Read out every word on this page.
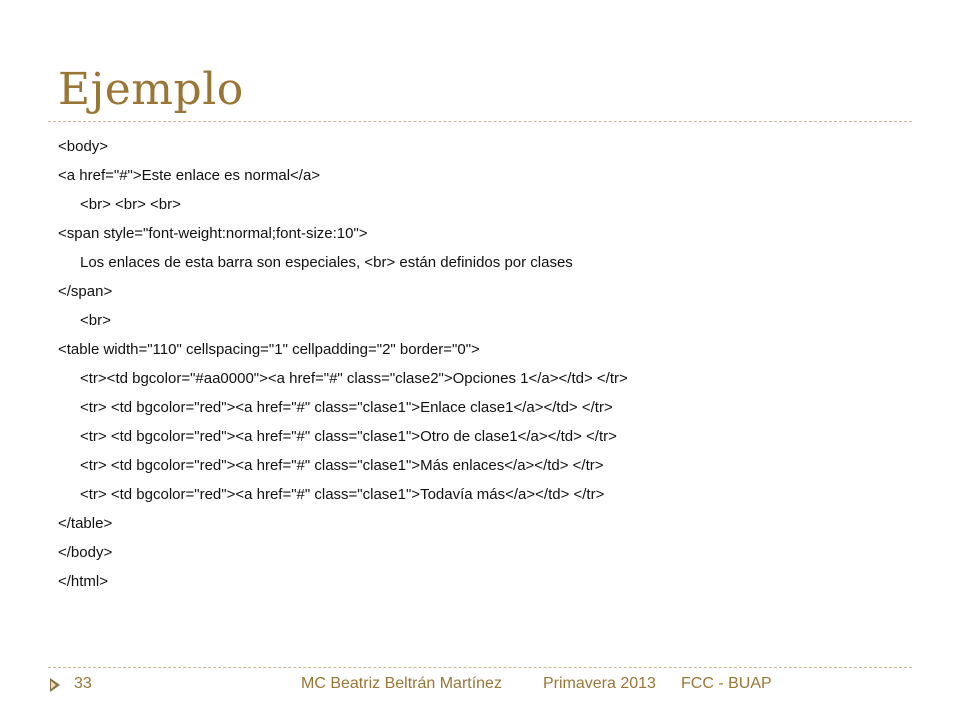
Ejemplo
<body>
<a href="#">Este enlace es normal</a>
<br> <br> <br>
<span style="font-weight:normal;font-size:10">
Los enlaces de esta barra son especiales, <br> están definidos por clases
</span>
<br>
<table width="110" cellspacing="1" cellpadding="2" border="0">
<tr><td bgcolor="#aa0000"><a href="#" class="clase2">Opciones 1</a></td> </tr>
<tr> <td bgcolor="red"><a href="#" class="clase1">Enlace clase1</a></td> </tr>
<tr> <td bgcolor="red"><a href="#" class="clase1">Otro de clase1</a></td> </tr>
<tr> <td bgcolor="red"><a href="#" class="clase1">Más enlaces</a></td> </tr>
<tr> <td bgcolor="red"><a href="#" class="clase1">Todavía más</a></td> </tr>
</table>
</body>
</html>
33	MC Beatriz Beltrán Martínez	Primavera 2013 FCC - BUAP
